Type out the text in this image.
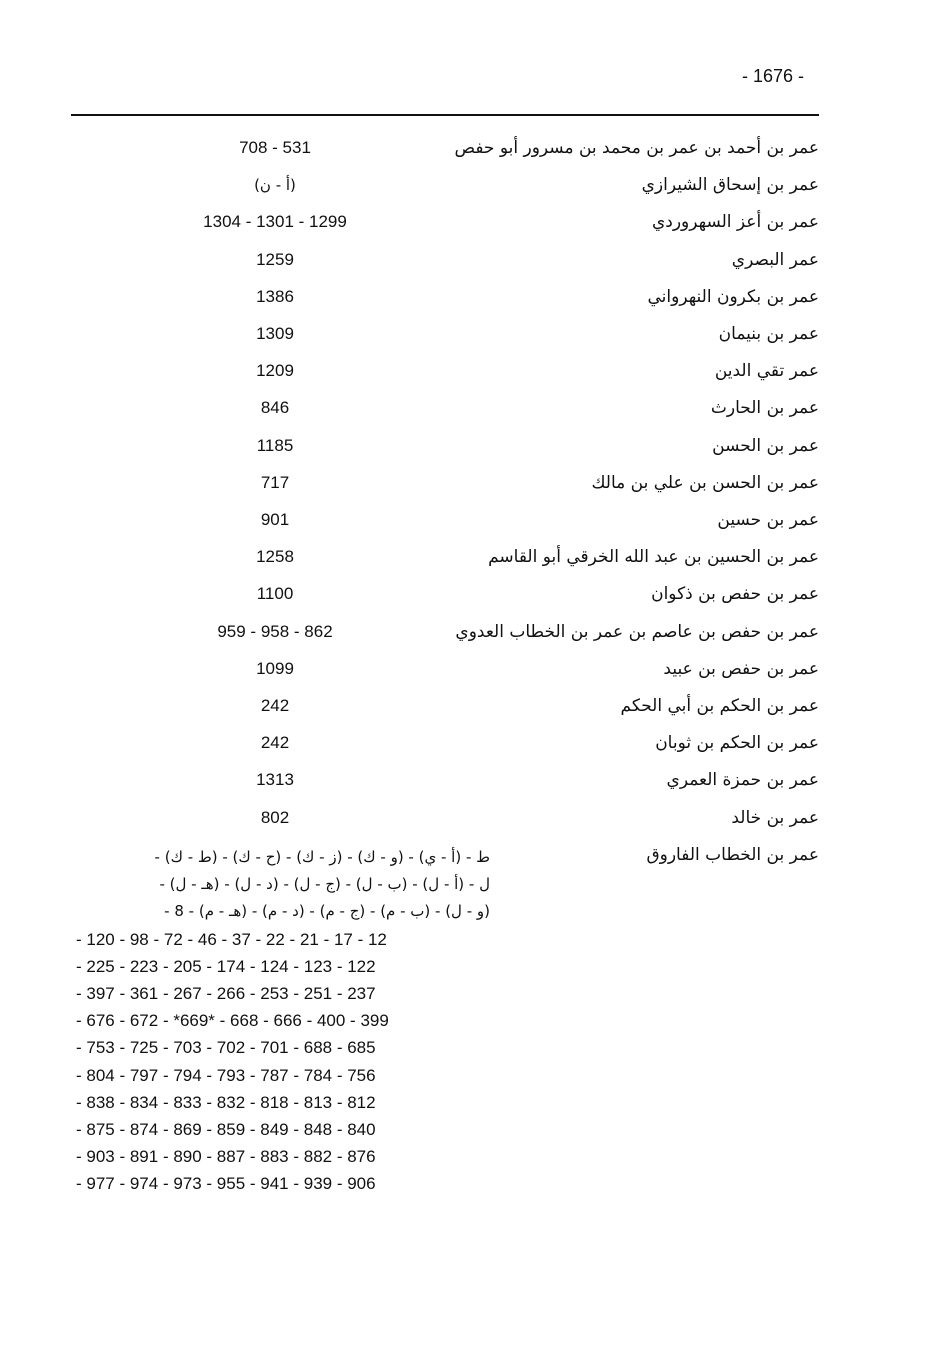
- 1676 -
عمر بن أحمد بن عمر بن محمد بن مسرور أبو حفص
708 - 531
عمر بن إسحاق الشيرازي
(أ - ن)
عمر بن أعز السهروردي
1304 - 1301 - 1299
عمر البصري
1259
عمر بن بكرون النهرواني
1386
عمر بن بنيمان
1309
عمر تقي الدين
1209
عمر بن الحارث
846
عمر بن الحسن
1185
عمر بن الحسن بن علي بن مالك
717
عمر بن حسين
901
عمر بن الحسين بن عبد الله الخرقي أبو القاسم
1258
عمر بن حفص بن ذكوان
1100
عمر بن حفص بن عاصم بن عمر بن الخطاب العدوي
959 - 958 - 862
عمر بن حفص بن عبيد
1099
عمر بن الحكم بن أبي الحكم
242
عمر بن الحكم بن ثوبان
242
عمر بن حمزة العمري
1313
عمر بن خالد
802
عمر بن الخطاب الفاروق
ط - (أ - ي) - (و - ك) - (ز - ك) - (ح - ك) - (ط - ك) -
ل - (أ - ل) - (ب - ل) - (ج - ل) - (د - ل) - (هـ - ل) -
(و - ل) - (ب - م) - (ج - م) - (د - م) - (هـ - م) - 8 -
- 120 - 98 - 72 - 46 - 37 - 22 - 21 - 17 - 12
- 225 - 223 - 205 - 174 - 124 - 123 - 122
- 397 - 361 - 267 - 266 - 253 - 251 - 237
- 676 - 672 - *669* - 668 - 666 - 400 - 399
- 753 - 725 - 703 - 702 - 701 - 688 - 685
- 804 - 797 - 794 - 793 - 787 - 784 - 756
- 838 - 834 - 833 - 832 - 818 - 813 - 812
- 875 - 874 - 869 - 859 - 849 - 848 - 840
- 903 - 891 - 890 - 887 - 883 - 882 - 876
- 977 - 974 - 973 - 955 - 941 - 939 - 906
